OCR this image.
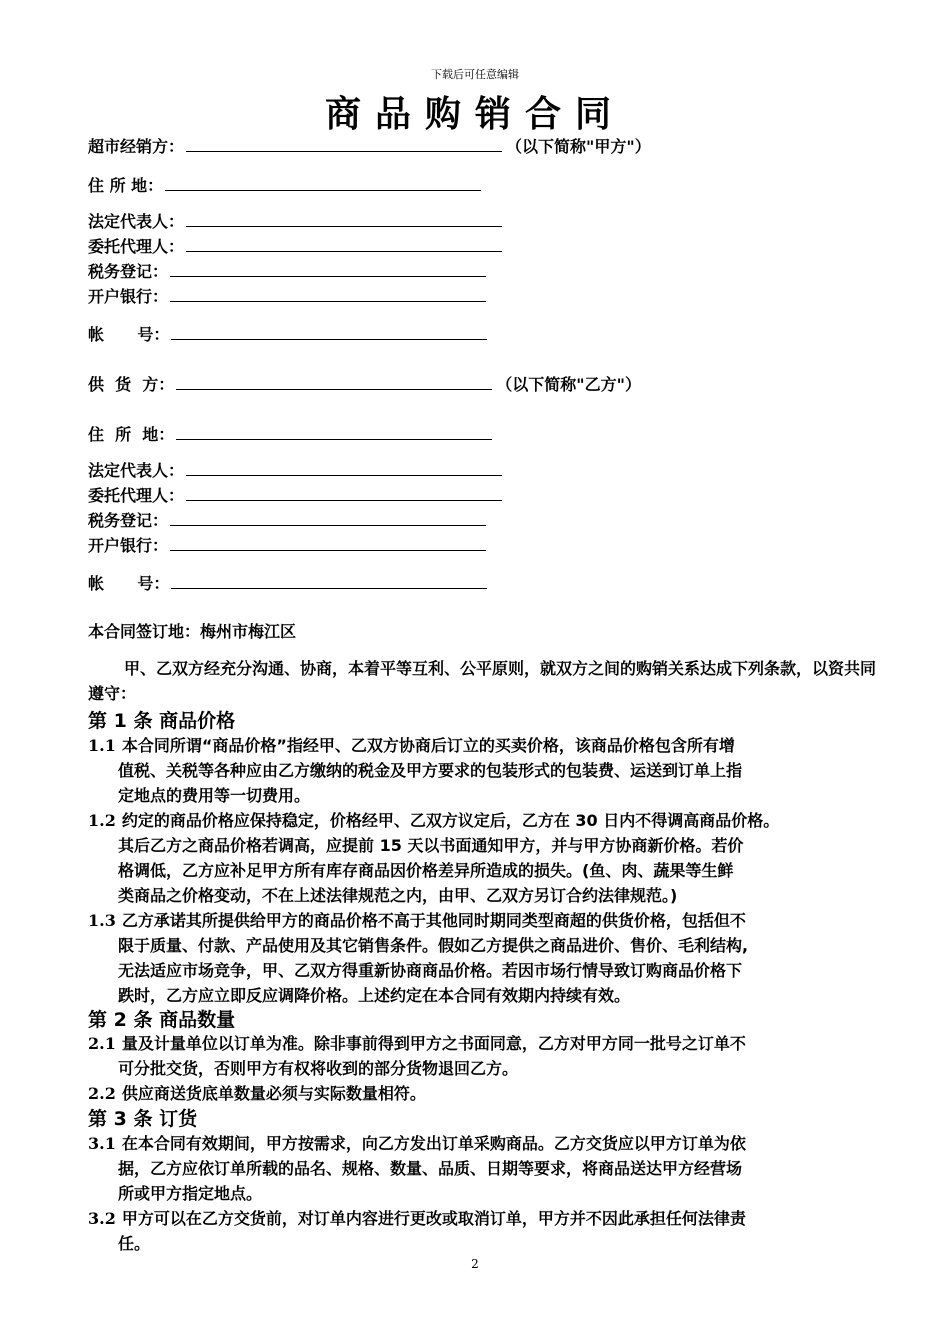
下载后可任意编辑
商品购销合同
超市经销方：	（以下简称"甲方"）
住 所 地：
法定代表人：
委托代理人：
税务登记：
开户银行：
帐      号：
供  货  方：	（以下简称"乙方"）
住  所  地：
法定代表人：
委托代理人：
税务登记：
开户银行：
帐      号：
本合同签订地：梅州市梅江区
甲、乙双方经充分沟通、协商，本着平等互利、公平原则，就双方之间的购销关系达成下列条款，以资共同遵守：
第 1 条 商品价格
1.1 本合同所谓“商品价格”指经甲、乙双方协商后订立的买卖价格，该商品价格包含所有增
值税、关税等各种应由乙方缴纳的税金及甲方要求的包装形式的包装费、运送到订单上指
定地点的费用等一切费用。
1.2 约定的商品价格应保持稳定，价格经甲、乙双方议定后，乙方在 30 日内不得调高商品价格。
其后乙方之商品价格若调高，应提前 15 天以书面通知甲方，并与甲方协商新价格。若价
格调低，乙方应补足甲方所有库存商品因价格差异所造成的损失。(鱼、肉、蔬果等生鲜
类商品之价格变动，不在上述法律规范之内，由甲、乙双方另订合约法律规范。)
1.3 乙方承诺其所提供给甲方的商品价格不高于其他同时期同类型商超的供货价格，包括但不
限于质量、付款、产品使用及其它销售条件。假如乙方提供之商品进价、售价、毛利结构,
无法适应市场竞争，甲、乙双方得重新协商商品价格。若因市场行情导致订购商品价格下
跌时，乙方应立即反应调降价格。上述约定在本合同有效期内持续有效。
第 2 条 商品数量
2.1 量及计量单位以订单为准。除非事前得到甲方之书面同意，乙方对甲方同一批号之订单不
可分批交货，否则甲方有权将收到的部分货物退回乙方。
2.2 供应商送货底单数量必须与实际数量相符。
第 3 条 订货
3.1 在本合同有效期间，甲方按需求，向乙方发出订单采购商品。乙方交货应以甲方订单为依
据，乙方应依订单所载的品名、规格、数量、品质、日期等要求，将商品送达甲方经营场
所或甲方指定地点。
3.2 甲方可以在乙方交货前，对订单内容进行更改或取消订单，甲方并不因此承担任何法律责
任。
2
